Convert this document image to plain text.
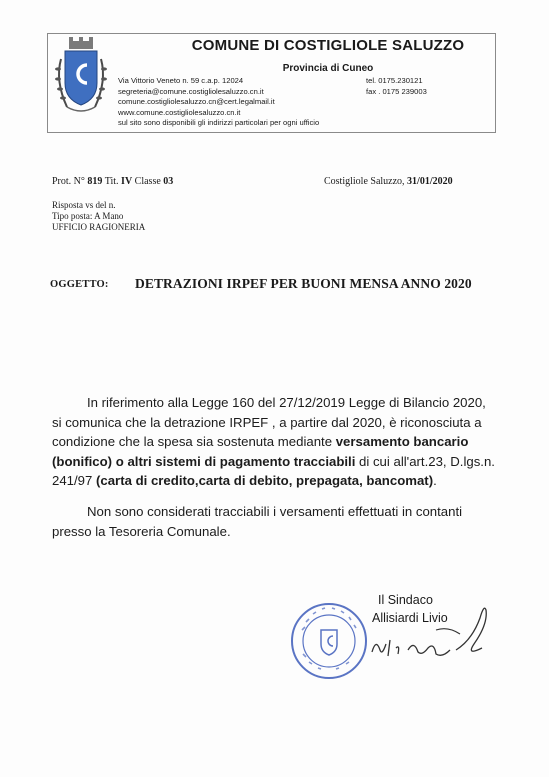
COMUNE DI COSTIGLIOLE SALUZZO
Provincia di Cuneo
Via Vittorio Veneto n. 59 c.a.p. 12024
segreteria@comune.costigliolesaluzzo.cn.it
comune.costigliolesaluzzo.cn@cert.legalmail.it
www.comune.costigliolesaluzzo.cn.it
sul sito sono disponibili gli indirizzi particolari per ogni ufficio
tel. 0175.230121
fax . 0175 239003
Prot. N° 819 Tit. IV Classe 03	Costigliole Saluzzo, 31/01/2020
Risposta vs del n.
Tipo posta: A Mano
UFFICIO RAGIONERIA
OGGETTO: DETRAZIONI IRPEF PER BUONI MENSA ANNO 2020
In riferimento alla Legge 160 del 27/12/2019 Legge di Bilancio 2020,
si comunica che la detrazione IRPEF , a partire dal 2020, è riconosciuta a
condizione che la spesa sia sostenuta mediante versamento bancario
(bonifico) o altri sistemi di pagamento tracciabili di cui all'art.23, D.lgs.n.
241/97 (carta di credito,carta di debito, prepagata, bancomat).
Non sono considerati tracciabili i versamenti effettuati in contanti
presso la Tesoreria Comunale.
Il Sindaco
Allisiardi Livio
